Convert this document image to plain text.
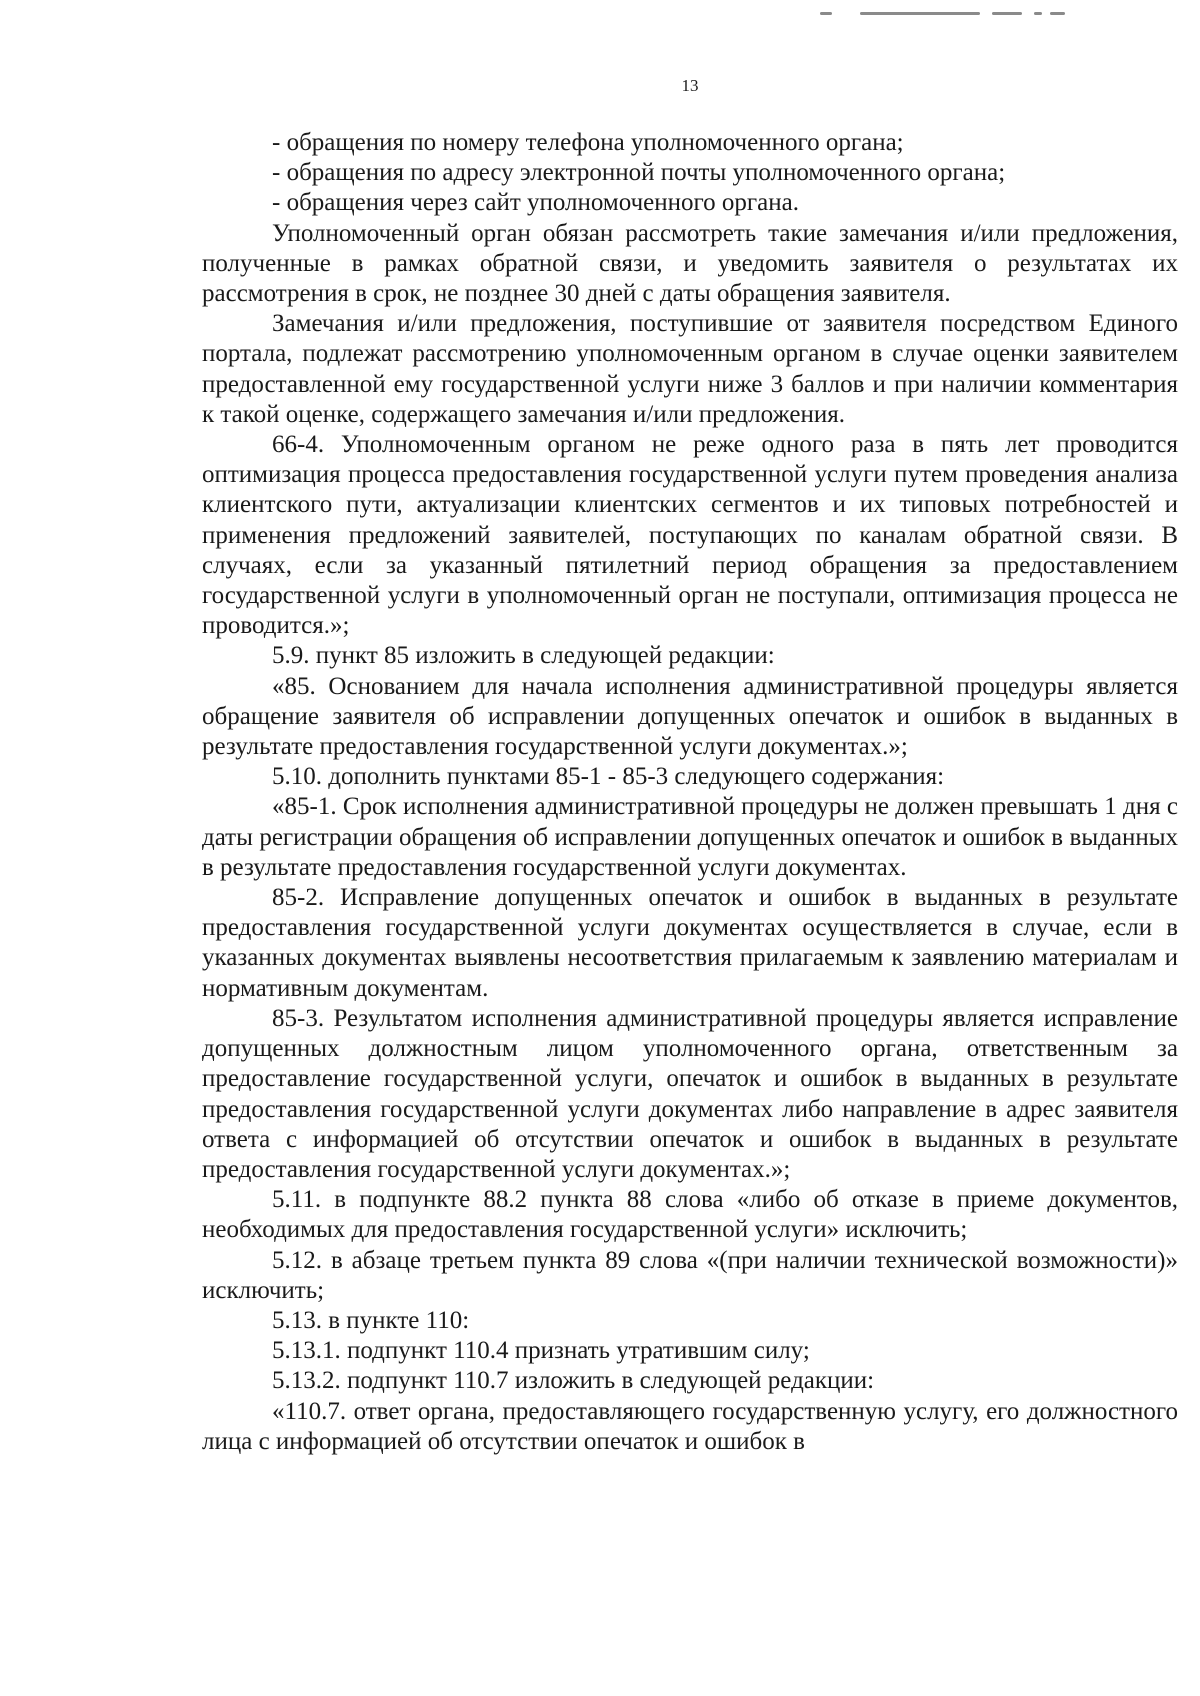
13

- обращения по номеру телефона уполномоченного органа;

- обращения по адресу электронной почты уполномоченного органа;

- обращения через сайт уполномоченного органа.

Уполномоченный орган обязан рассмотреть такие замечания и/или предложения, полученные в рамках обратной связи, и уведомить заявителя о результатах их рассмотрения в срок, не позднее 30 дней с даты обращения заявителя.

Замечания и/или предложения, поступившие от заявителя посредством Единого портала, подлежат рассмотрению уполномоченным органом в случае оценки заявителем предоставленной ему государственной услуги ниже 3 баллов и при наличии комментария к такой оценке, содержащего замечания и/или предложения.

66-4. Уполномоченным органом не реже одного раза в пять лет проводится оптимизация процесса предоставления государственной услуги путем проведения анализа клиентского пути, актуализации клиентских сегментов и их типовых потребностей и применения предложений заявителей, поступающих по каналам обратной связи. В случаях, если за указанный пятилетний период обращения за предоставлением государственной услуги в уполномоченный орган не поступали, оптимизация процесса не проводится.»;

5.9. пункт 85 изложить в следующей редакции:

«85. Основанием для начала исполнения административной процедуры является обращение заявителя об исправлении допущенных опечаток и ошибок в выданных в результате предоставления государственной услуги документах.»;

5.10. дополнить пунктами 85-1 - 85-3 следующего содержания:

«85-1. Срок исполнения административной процедуры не должен превышать 1 дня с даты регистрации обращения об исправлении допущенных опечаток и ошибок в выданных в результате предоставления государственной услуги документах.

85-2. Исправление допущенных опечаток и ошибок в выданных в результате предоставления государственной услуги документах осуществляется в случае, если в указанных документах выявлены несоответствия прилагаемым к заявлению материалам и нормативным документам.

85-3. Результатом исполнения административной процедуры является исправление допущенных должностным лицом уполномоченного органа, ответственным за предоставление государственной услуги, опечаток и ошибок в выданных в результате предоставления государственной услуги документах либо направление в адрес заявителя ответа с информацией об отсутствии опечаток и ошибок в выданных в результате предоставления государственной услуги документах.»;

5.11. в подпункте 88.2 пункта 88 слова «либо об отказе в приеме документов, необходимых для предоставления государственной услуги» исключить;

5.12. в абзаце третьем пункта 89 слова «(при наличии технической возможности)» исключить;

5.13. в пункте 110:

5.13.1. подпункт 110.4 признать утратившим силу;

5.13.2. подпункт 110.7 изложить в следующей редакции:

«110.7. ответ органа, предоставляющего государственную услугу, его должностного лица с информацией об отсутствии опечаток и ошибок в
